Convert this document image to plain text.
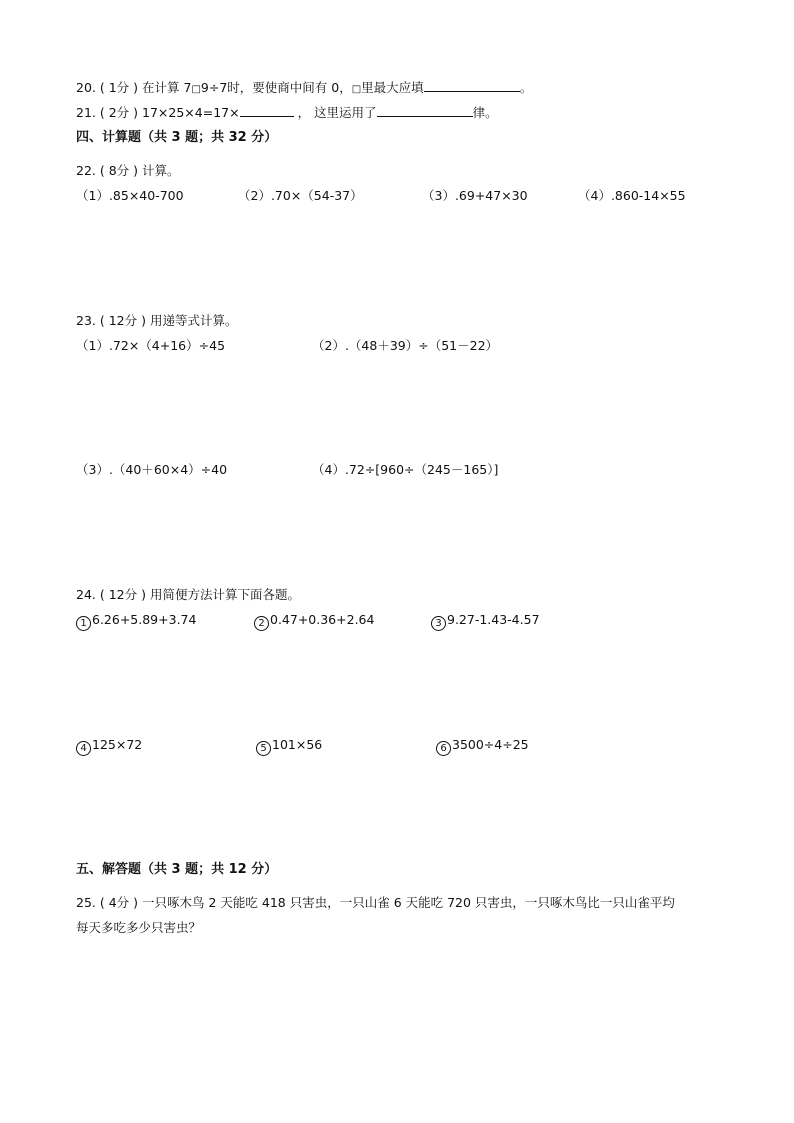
20. ( 1分 ) 在计算 7□9÷7时，要使商中间有 0，□里最大应填	。
21. ( 2分 ) 17×25×4=17×	， 这里运用了	律。
四、计算题（共 3 题；共 32 分）
22. ( 8分 ) 计算。
（1）.85×40-700	（2）.70×（54-37）	（3）.69+47×30	（4）.860-14×55
23. ( 12分 ) 用递等式计算。
（1）.72×（4+16）÷45	（2）.（48＋39）÷（51－22）
（3）.（40＋60×4）÷40	（4）.72÷[960÷（245－165）]
24. ( 12分 ) 用简便方法计算下面各题。
1 6.26+5.89+3.74	2 0.47+0.36+2.64	3 9.27-1.43-4.57
4 125×72	5 101×56	6 3500÷4÷25
五、解答题（共 3 题；共 12 分）
25. ( 4分 ) 一只啄木鸟 2 天能吃 418 只害虫，一只山雀 6 天能吃 720 只害虫，一只啄木鸟比一只山雀平均
每天多吃多少只害虫？
